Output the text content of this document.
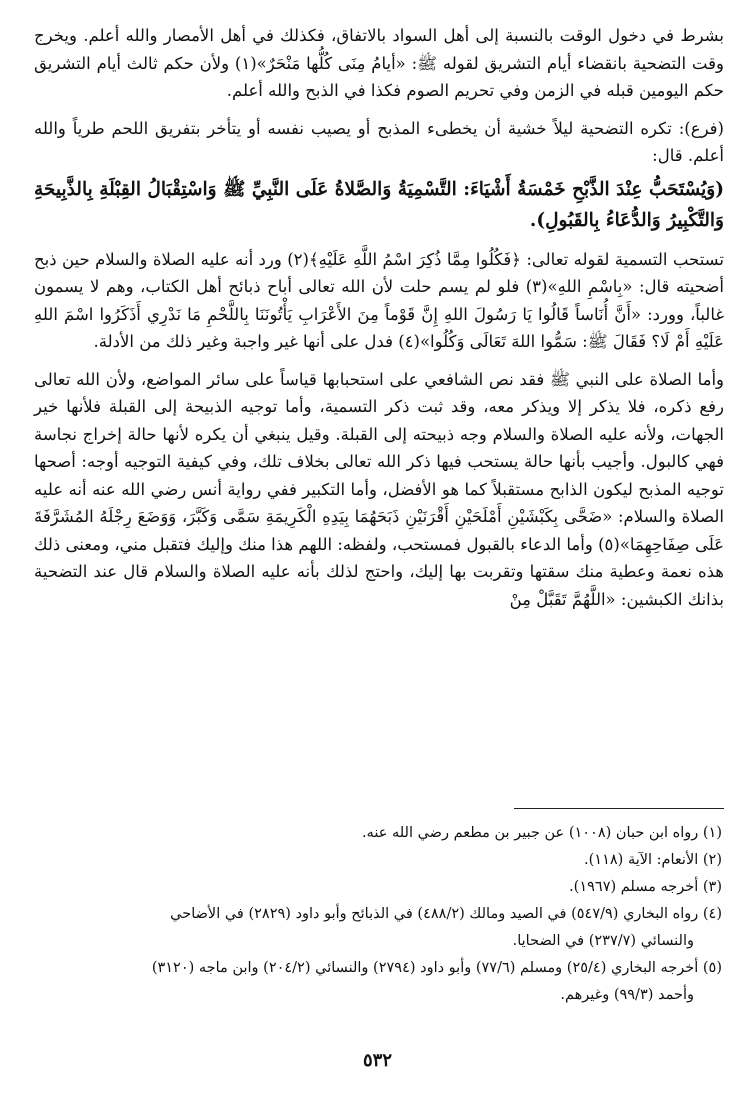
بشرط في دخول الوقت بالنسبة إلى أهل السواد بالاتفاق، فكذلك في أهل الأمصار والله أعلم. ويخرج وقت التضحية بانقضاء أيام التشريق لقوله ﷺ: «أيامُ مِنَى كُلُّها مَنْحَرٌ»(١) ولأن حكم ثالث أيام التشريق حكم اليومين قبله في الزمن وفي تحريم الصوم فكذا في الذبح والله أعلم.

(فرع): تكره التضحية ليلاً خشية أن يخطىء المذبح أو يصيب نفسه أو يتأخر بتفريق اللحم طرياً والله أعلم. قال:

(وَيُسْتَحَبُّ عِنْدَ الذَّبْحِ خَمْسَةُ أَشْيَاءَ: التَّسْمِيَةُ وَالصَّلاةُ عَلَى النَّبِيِّ ﷺ وَاسْتِقْبَالُ القِبْلَةِ بِالذَّبِيحَةِ وَالتَّكْبِيرُ وَالدُّعَاءُ بِالقَبُولِ).

تستحب التسمية لقوله تعالى: ﴿فَكُلُوا مِمَّا ذُكِرَ اسْمُ اللَّهِ عَلَيْهِ﴾(٢) ورد أنه عليه الصلاة والسلام حين ذبح أضحيته قال: «بِاسْمِ اللهِ»(٣) فلو لم يسم حلت لأن الله تعالى أباح ذبائح أهل الكتاب، وهم لا يسمون غالباً، وورد: «أَنَّ أُنَاساً قَالُوا يَا رَسُولَ اللهِ إِنَّ قَوْماً مِنَ الأَعْرَابِ يَأْتُونَنَا بِاللَّحْمِ مَا نَدْرِي أَذَكَرُوا اسْمَ اللهِ عَلَيْهِ أَمْ لَا؟ فَقَالَ ﷺ: سَمُّوا اللهَ تَعَالَى وَكُلُوا»(٤) فدل على أنها غير واجبة وغير ذلك من الأدلة.

وأما الصلاة على النبي ﷺ فقد نص الشافعي على استحبابها قياساً على سائر المواضع، ولأن الله تعالى رفع ذكره، فلا يذكر إلا ويذكر معه، وقد ثبت ذكر التسمية، وأما توجيه الذبيحة إلى القبلة فلأنها خير الجهات، ولأنه عليه الصلاة والسلام وجه ذبيحته إلى القبلة. وقيل ينبغي أن يكره لأنها حالة إخراج نجاسة فهي كالبول. وأجيب بأنها حالة يستحب فيها ذكر الله تعالى بخلاف تلك، وفي كيفية التوجيه أوجه: أصحها توجيه المذبح ليكون الذابح مستقبلاً كما هو الأفضل، وأما التكبير ففي رواية أنس رضي الله عنه أنه عليه الصلاة والسلام: «ضَحَّى بِكَبْشَيْنِ أَمْلَحَيْنِ أَقْرَنَيْنِ ذَبَحَهُمَا بِيَدِهِ الْكَرِيمَةِ سَمَّى وَكَبَّرَ، وَوَضَعَ رِجْلَهُ المُشَرَّفَةَ عَلَى صِفَاحِهِمَا»(٥) وأما الدعاء بالقبول فمستحب، ولفظه: اللهم هذا منك وإليك فتقبل مني، ومعنى ذلك هذه نعمة وعطية منك سقتها وتقربت بها إليك، واحتج لذلك بأنه عليه الصلاة والسلام قال عند التضحية بذانك الكبشين: «اللَّهُمَّ تَقَبَّلْ مِنْ

(١) رواه ابن حبان (١٠٠٨) عن جبير بن مطعم رضي الله عنه.

(٢) الأنعام: الآية (١١٨).

(٣) أخرجه مسلم (١٩٦٧).

(٤) رواه البخاري (٥٤٧/٩) في الصيد ومالك (٤٨٨/٢) في الذبائح وأبو داود (٢٨٢٩) في الأضاحي
والنسائي (٢٣٧/٧) في الضحايا.

(٥) أخرجه البخاري (٢٥/٤) ومسلم (٧٧/٦) وأبو داود (٢٧٩٤) والنسائي (٢٠٤/٢) وابن ماجه (٣١٢٠)
وأحمد (٩٩/٣) وغيرهم.

٥٣٢
